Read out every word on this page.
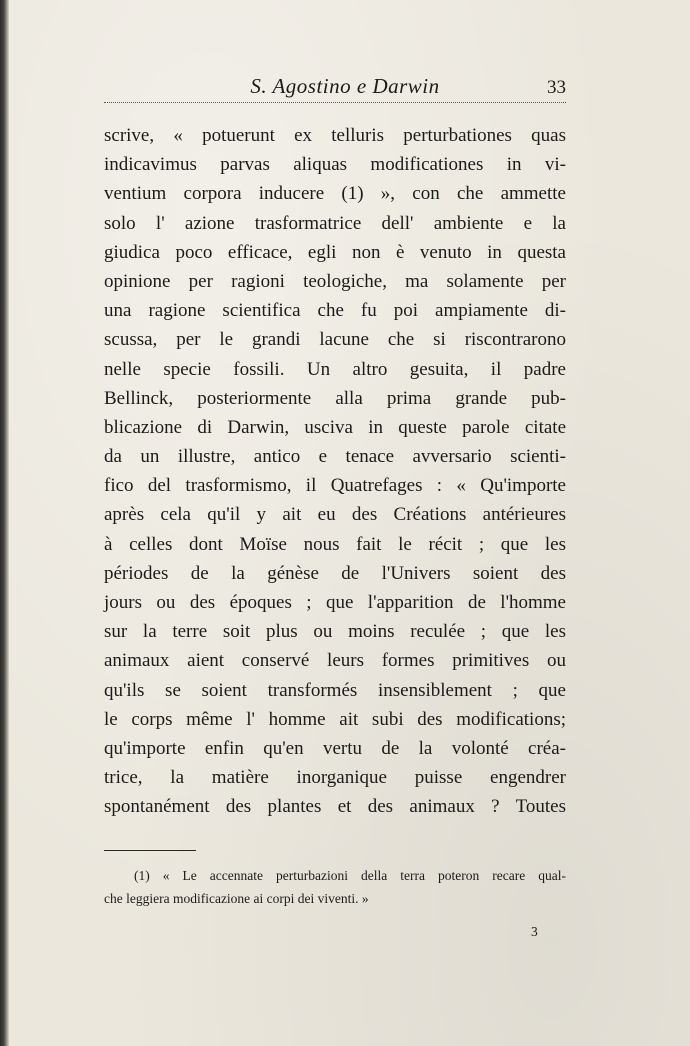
S. Agostino e Darwin	33
scrive, « potuerunt ex telluris perturbationes quas
indicavimus parvas aliquas modificationes in vi-
ventium corpora inducere (1) », con che ammette
solo l' azione trasformatrice dell' ambiente e la
giudica poco efficace, egli non è venuto in questa
opinione per ragioni teologiche, ma solamente per
una ragione scientifica che fu poi ampiamente di-
scussa, per le grandi lacune che si riscontrarono
nelle specie fossili. Un altro gesuita, il padre
Bellinck, posteriormente alla prima grande pub-
blicazione di Darwin, usciva in queste parole citate
da un illustre, antico e tenace avversario scienti-
fico del trasformismo, il Quatrefages : « Qu'importe
après cela qu'il y ait eu des Créations antérieures
à celles dont Moïse nous fait le récit ; que les
périodes de la génèse de l'Univers soient des
jours ou des époques ; que l'apparition de l'homme
sur la terre soit plus ou moins reculée ; que les
animaux aient conservé leurs formes primitives ou
qu'ils se soient transformés insensiblement ; que
le corps même l' homme ait subi des modifications;
qu'importe enfin qu'en vertu de la volonté créa-
trice, la matière inorganique puisse engendrer
spontanément des plantes et des animaux ? Toutes
(1) « Le accennate perturbazioni della terra poteron recare qual-
che leggiera modificazione ai corpi dei viventi. »
3
